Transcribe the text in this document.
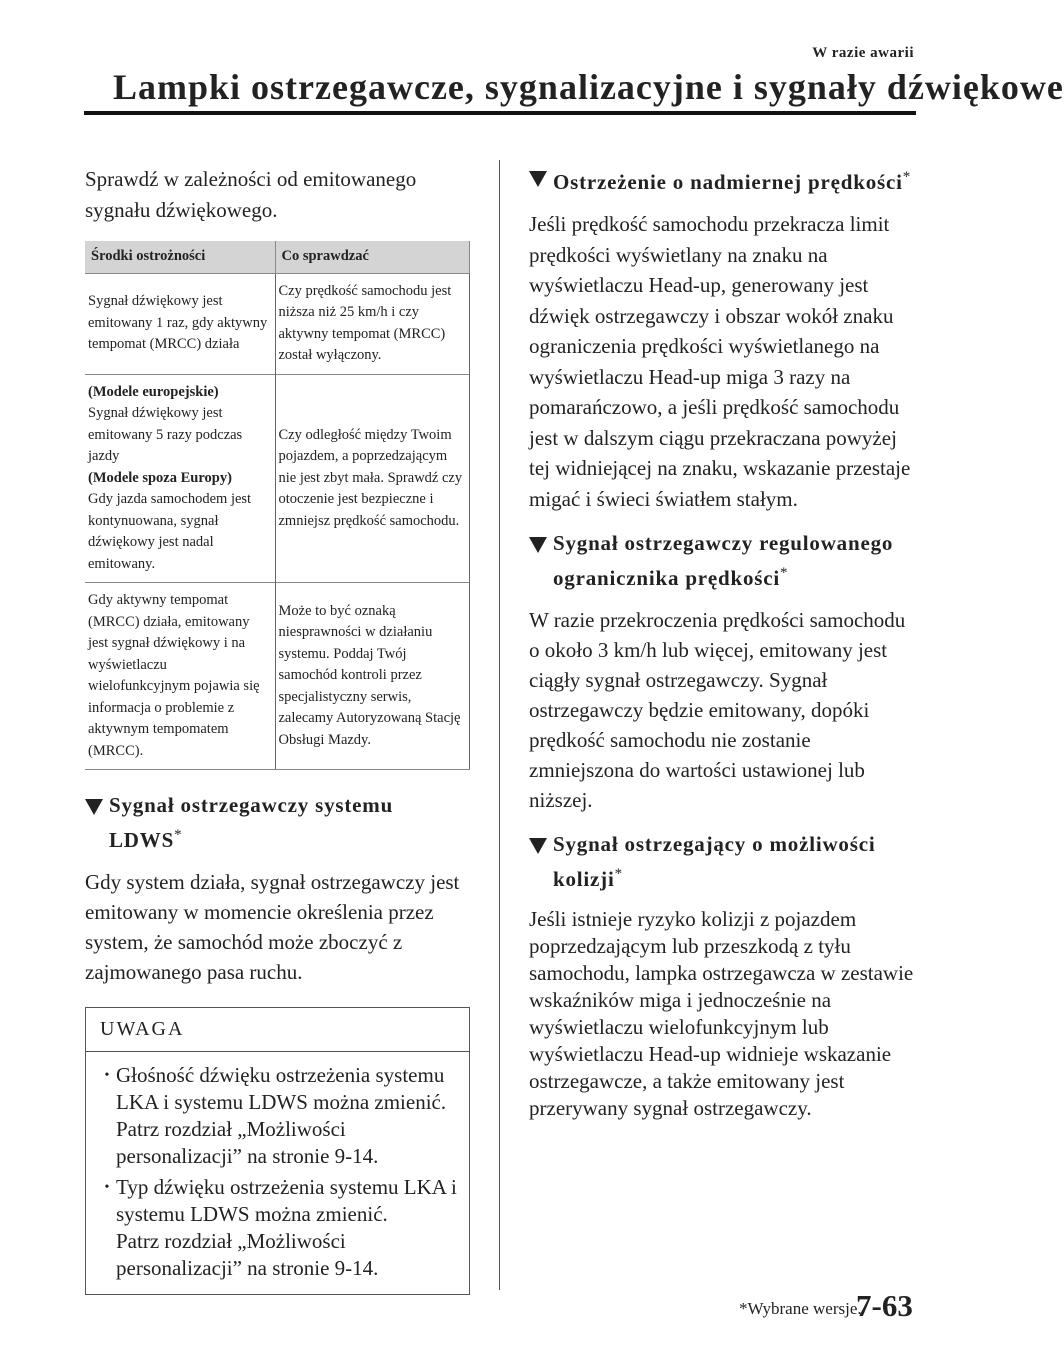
W razie awarii
Lampki ostrzegawcze, sygnalizacyjne i sygnały dźwiękowe

Sprawdź w zależności od emitowanego sygnału dźwiękowego.

Środki ostrożności	Co sprawdzać
Sygnał dźwiękowy jest emitowany 1 raz, gdy aktywny tempomat (MRCC) działa	Czy prędkość samochodu jest niższa niż 25 km/h i czy aktywny tempomat (MRCC) został wyłączony.

(Modele europejskie)
Sygnał dźwiękowy jest emitowany 5 razy podczas jazdy
(Modele spoza Europy)
Gdy jazda samochodem jest kontynuowana, sygnał dźwiękowy jest nadal emitowany.	Czy odległość między Twoim pojazdem, a poprzedzającym nie jest zbyt mała. Sprawdź czy otoczenie jest bezpieczne i zmniejsz prędkość samochodu.
Gdy aktywny tempomat (MRCC) działa, emitowany jest sygnał dźwiękowy i na wyświetlaczu wielofunkcyjnym pojawia się informacja o problemie z aktywnym tempomatem (MRCC).	Może to być oznaką niesprawności w działaniu systemu. Poddaj Twój samochód kontroli przez specjalistyczny serwis, zalecamy Autoryzowaną Stację Obsługi Mazdy.
Sygnał ostrzegawczy systemu LDWS*

Gdy system działa, sygnał ostrzegawczy jest emitowany w momencie określenia przez system, że samochód może zboczyć z zajmowanego pasa ruchu.

UWAGA
• Głośność dźwięku ostrzeżenia systemu LKA i systemu LDWS można zmienić.
Patrz rozdział „Możliwości personalizacji” na stronie 9-14.
• Typ dźwięku ostrzeżenia systemu LKA i systemu LDWS można zmienić.
Patrz rozdział „Możliwości personalizacji” na stronie 9-14.
Ostrzeżenie o nadmiernej prędkości*

Jeśli prędkość samochodu przekracza limit prędkości wyświetlany na znaku na wyświetlaczu Head-up, generowany jest dźwięk ostrzegawczy i obszar wokół znaku ograniczenia prędkości wyświetlanego na wyświetlaczu Head-up miga 3 razy na pomarańczowo, a jeśli prędkość samochodu jest w dalszym ciągu przekraczana powyżej tej widniejącej na znaku, wskazanie przestaje migać i świeci światłem stałym.

Sygnał ostrzegawczy regulowanego ogranicznika prędkości*

W razie przekroczenia prędkości samochodu o około 3 km/h lub więcej, emitowany jest ciągły sygnał ostrzegawczy. Sygnał ostrzegawczy będzie emitowany, dopóki prędkość samochodu nie zostanie zmniejszona do wartości ustawionej lub niższej.

Sygnał ostrzegający o możliwości kolizji*

Jeśli istnieje ryzyko kolizji z pojazdem poprzedzającym lub przeszkodą z tyłu samochodu, lampka ostrzegawcza w zestawie wskaźników miga i jednocześnie na wyświetlaczu wielofunkcyjnym lub wyświetlaczu Head-up widnieje wskazanie ostrzegawcze, a także emitowany jest przerywany sygnał ostrzegawczy.

*Wybrane wersje.
7-63
